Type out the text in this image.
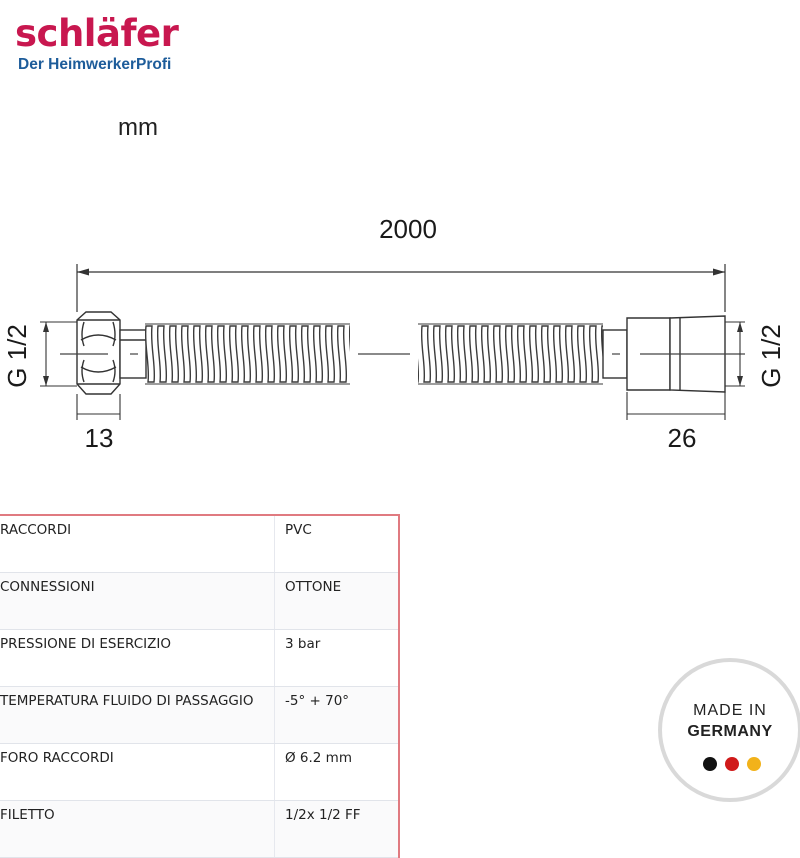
schläfer
Der HeimwerkerProfi
mm
2000
G 1/2	G 1/2
13	26
RACCORDI	PVC
CONNESSIONI	OTTONE
PRESSIONE DI ESERCIZIO	3 bar
TEMPERATURA FLUIDO DI PASSAGGIO	-5° + 70°
FORO RACCORDI	Ø 6.2 mm
FILETTO	1/2x 1/2 FF
MADE IN
GERMANY
